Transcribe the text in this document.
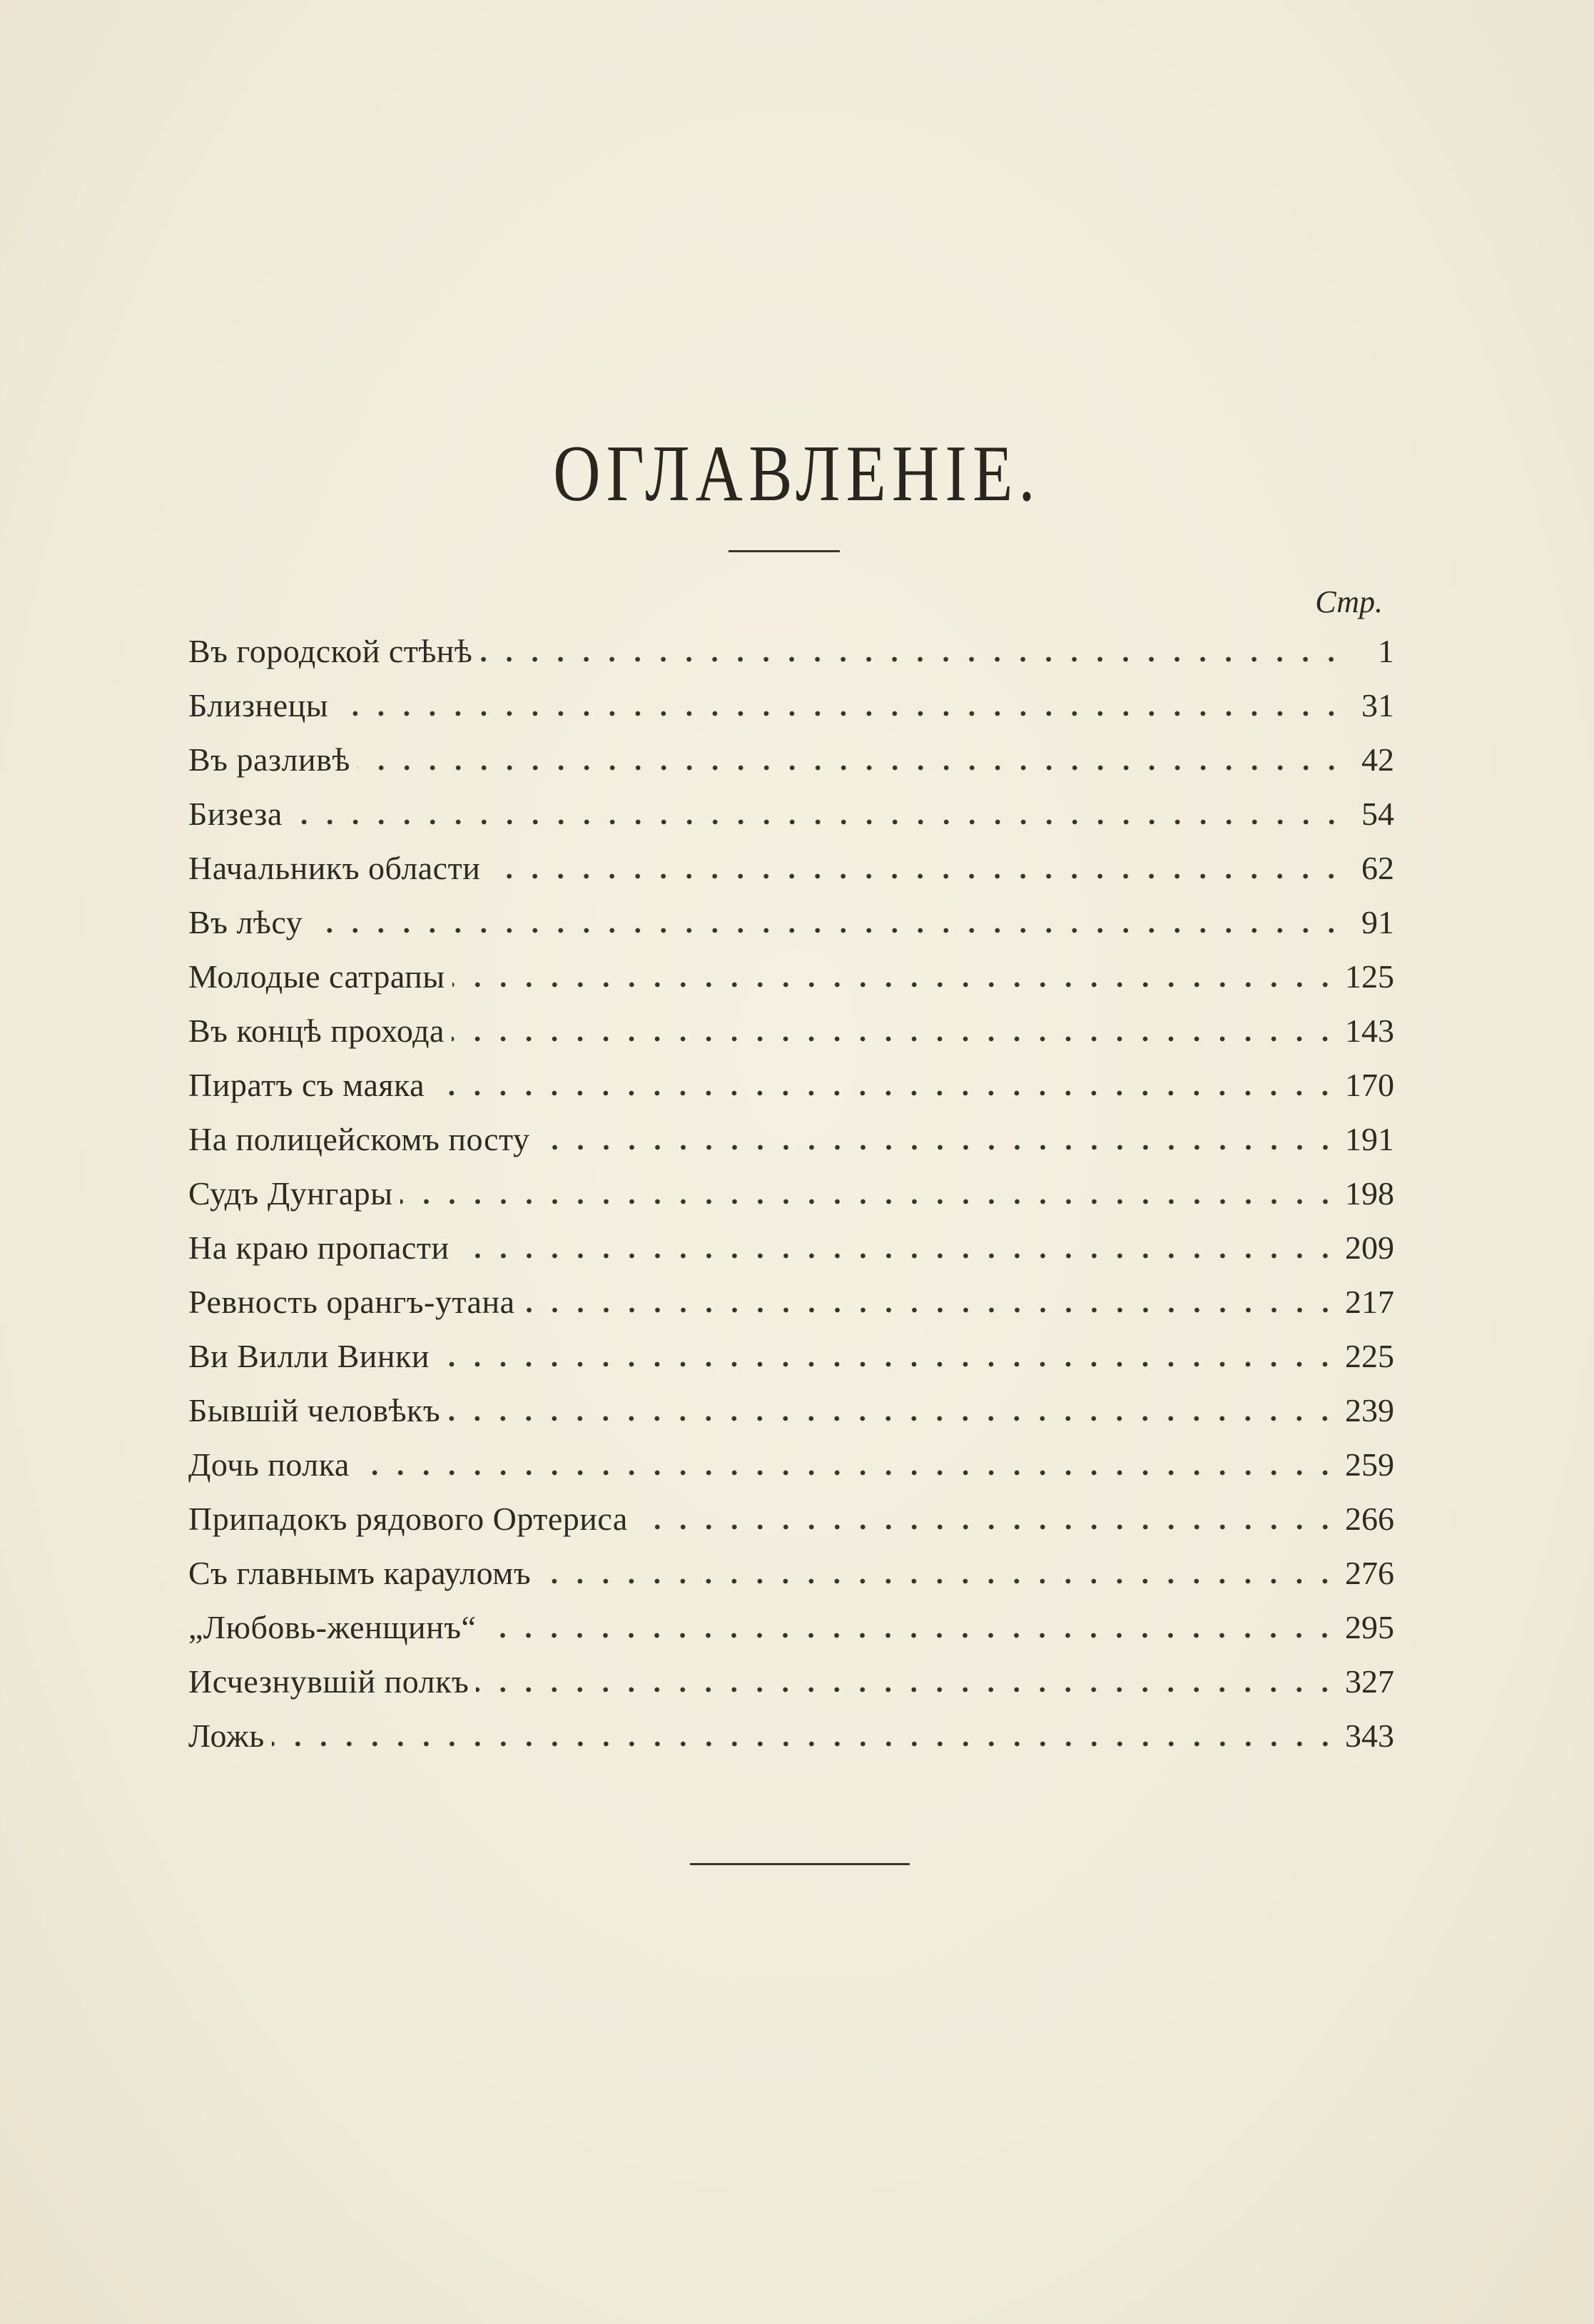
ОГЛАВЛЕНІЕ.
Стр.
Въ городской стѣнѣ	1
Близнецы	31
Въ разливѣ	42
Бизеза	54
Начальникъ области	62
Въ лѣсу	91
Молодые сатрапы	125
Въ концѣ прохода	143
Пиратъ съ маяка	170
На полицейскомъ посту	191
Судъ Дунгары	198
На краю пропасти	209
Ревность орангъ-утана	217
Ви Вилли Винки	225
Бывшій человѣкъ	239
Дочь полка	259
Припадокъ рядового Ортериса	266
Съ главнымъ карауломъ	276
„Любовь-женщинъ“	295
Исчезнувшій полкъ	327
Ложь	343
